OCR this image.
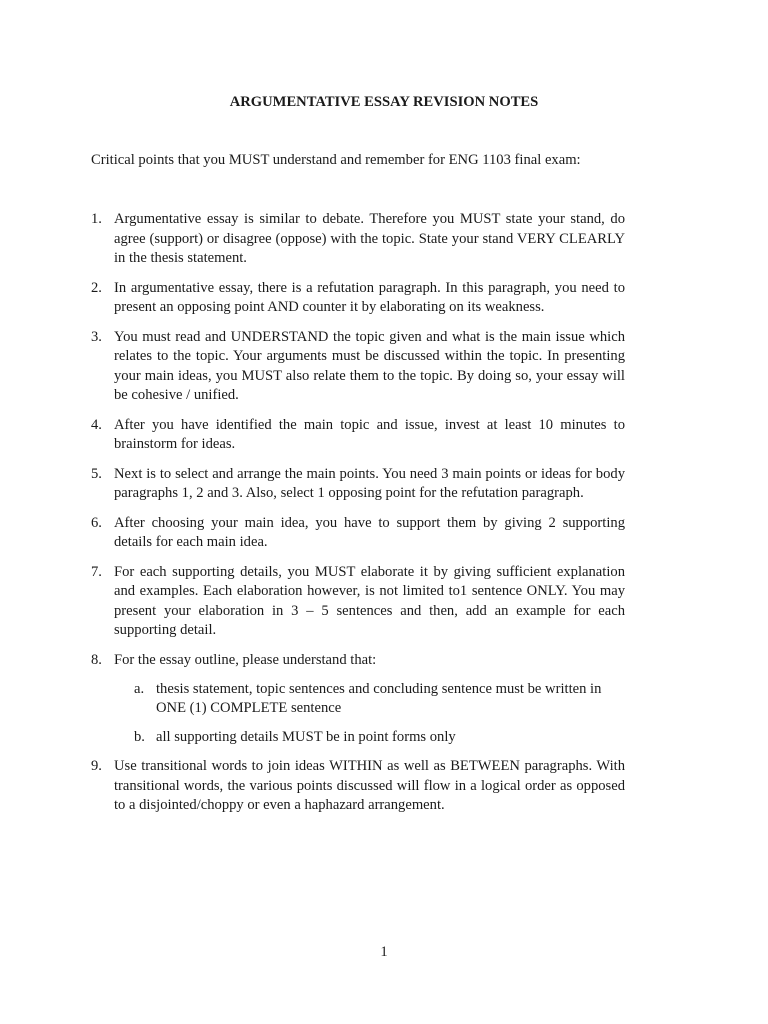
ARGUMENTATIVE ESSAY REVISION NOTES

Critical points that you MUST understand and remember for ENG 1103 final exam:

1. Argumentative essay is similar to debate. Therefore you MUST state your stand, do agree (support) or disagree (oppose) with the topic. State your stand VERY CLEARLY in the thesis statement.
2. In argumentative essay, there is a refutation paragraph. In this paragraph, you need to present an opposing point AND counter it by elaborating on its weakness.
3. You must read and UNDERSTAND the topic given and what is the main issue which relates to the topic. Your arguments must be discussed within the topic. In presenting your main ideas, you MUST also relate them to the topic. By doing so, your essay will be cohesive / unified.
4. After you have identified the main topic and issue, invest at least 10 minutes to brainstorm for ideas.
5. Next is to select and arrange the main points. You need 3 main points or ideas for body paragraphs 1, 2 and 3. Also, select 1 opposing point for the refutation paragraph.
6. After choosing your main idea, you have to support them by giving 2 supporting details for each main idea.
7. For each supporting details, you MUST elaborate it by giving sufficient explanation and examples. Each elaboration however, is not limited to1 sentence ONLY. You may present your elaboration in 3 – 5 sentences and then, add an example for each supporting detail.
8. For the essay outline, please understand that:
a. thesis statement, topic sentences and concluding sentence must be written in ONE (1) COMPLETE sentence
b. all supporting details MUST be in point forms only
9. Use transitional words to join ideas WITHIN as well as BETWEEN paragraphs. With transitional words, the various points discussed will flow in a logical order as opposed to a disjointed/choppy or even a haphazard arrangement.

1
